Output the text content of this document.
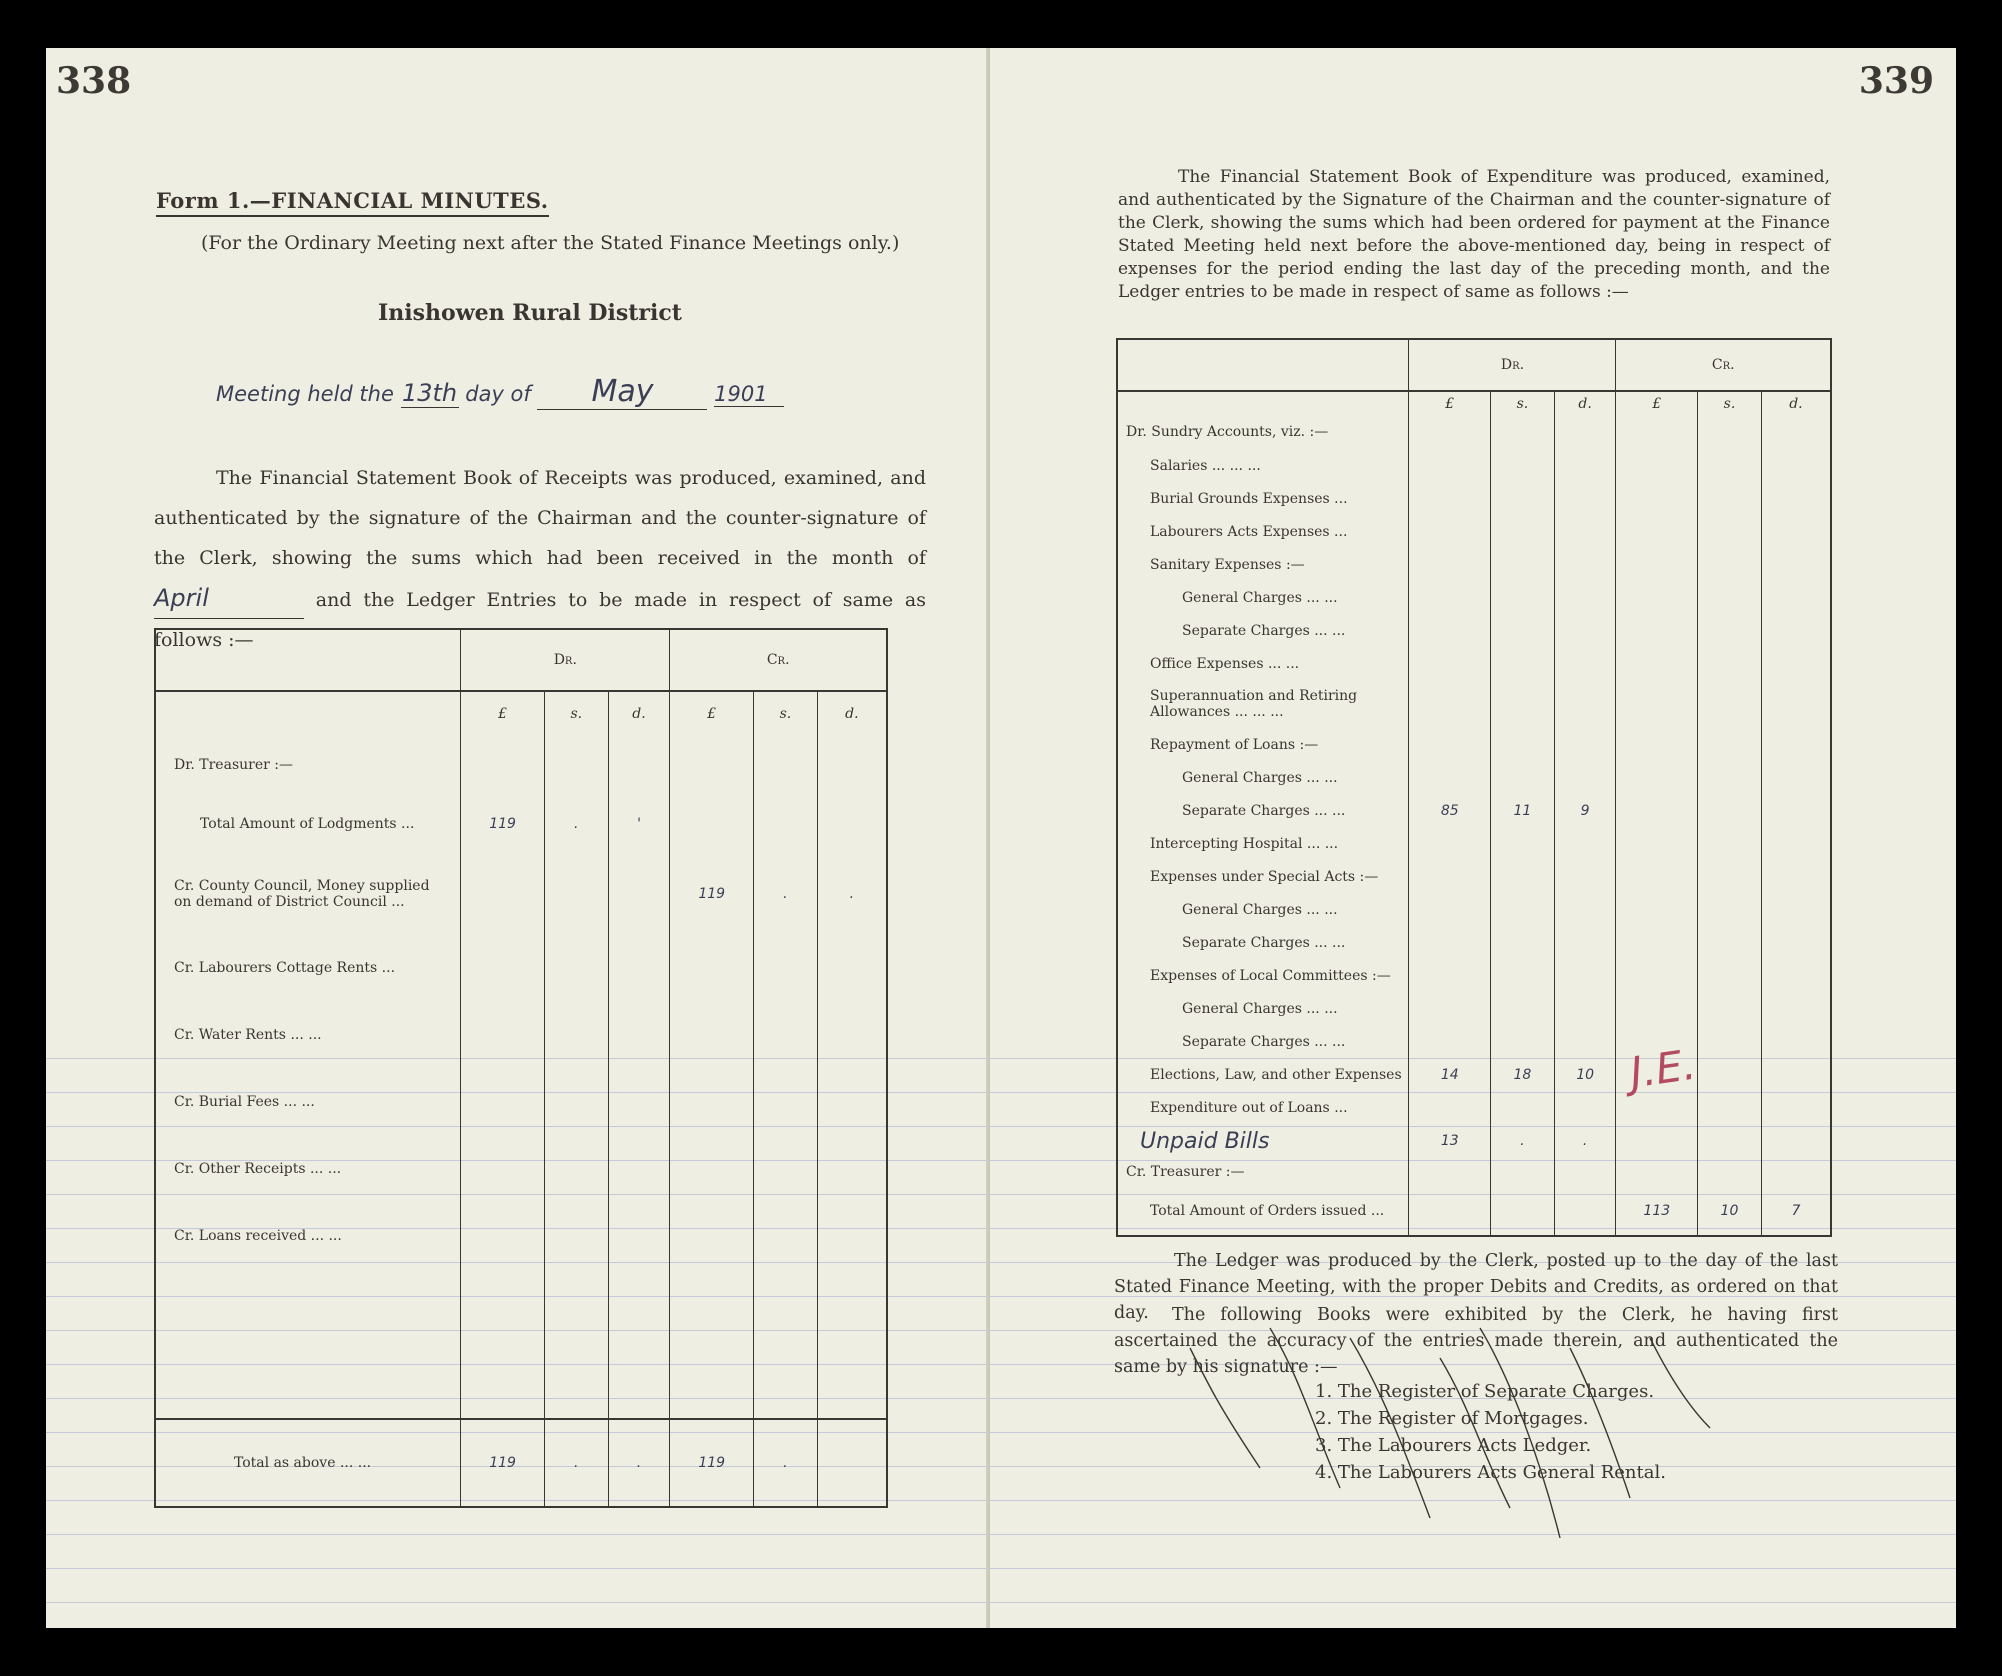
338
Form 1.—FINANCIAL MINUTES.
(For the Ordinary Meeting next after the Stated Finance Meetings only.)
Inishowen Rural District
Meeting held the 13th day of May	1901
The Financial Statement Book of Receipts was produced, examined, and authenticated by the signature of the Chairman and the counter-signature of the Clerk, showing the sums which had been received in the month of April	and the Ledger Entries to be made in respect of same as follows :—
	Dr.			Cr.		
	£	s.	d.	£	s.	d.
Dr. Treasurer :—						
Total Amount of Lodgments ...	119	.	'			
Cr. County Council, Money supplied on demand of District Council ...				119	.	.
Cr. Labourers Cottage Rents ...						
Cr. Water Rents ... ...						
Cr. Burial Fees ... ...						
Cr. Other Receipts ... ...						
Cr. Loans received ... ...						

Total as above ... ...	119	.	.	119	.	
339
The Financial Statement Book of Expenditure was produced, examined, and authenticated by the Signature of the Chairman and the counter-signature of the Clerk, showing the sums which had been ordered for payment at the Finance Stated Meeting held next before the above-mentioned day, being in respect of expenses for the period ending the last day of the preceding month, and the Ledger entries to be made in respect of same as follows :—
	Dr.			Cr.		
	£	s.	d.	£	s.	d.
Dr. Sundry Accounts, viz. :—						
Salaries ... ... ...						
Burial Grounds Expenses ...						
Labourers Acts Expenses ...						
Sanitary Expenses :—						
General Charges ... ...						
Separate Charges ... ...						
Office Expenses ... ...						
Superannuation and Retiring Allowances ... ... ...						
Repayment of Loans :—						
General Charges ... ...						
Separate Charges ... ...	85	11	9			
Intercepting Hospital ... ...						
Expenses under Special Acts :—						
General Charges ... ...						
Separate Charges ... ...						
Expenses of Local Committees :—						
General Charges ... ...						
Separate Charges ... ...						
Elections, Law, and other Expenses	14	18	10			
Expenditure out of Loans ...						
Unpaid Bills	13	.	.			
Cr. Treasurer :—						
Total Amount of Orders issued ...				113	10	7
J.E.
The Ledger was produced by the Clerk, posted up to the day of the last Stated Finance Meeting, with the proper Debits and Credits, as ordered on that day.	The following Books were exhibited by the Clerk, he having first ascertained the accuracy of the entries made therein, and authenticated the same by his signature :—
1. The Register of Separate Charges.
2. The Register of Mortgages.
3. The Labourers Acts Ledger.
4. The Labourers Acts General Rental.
